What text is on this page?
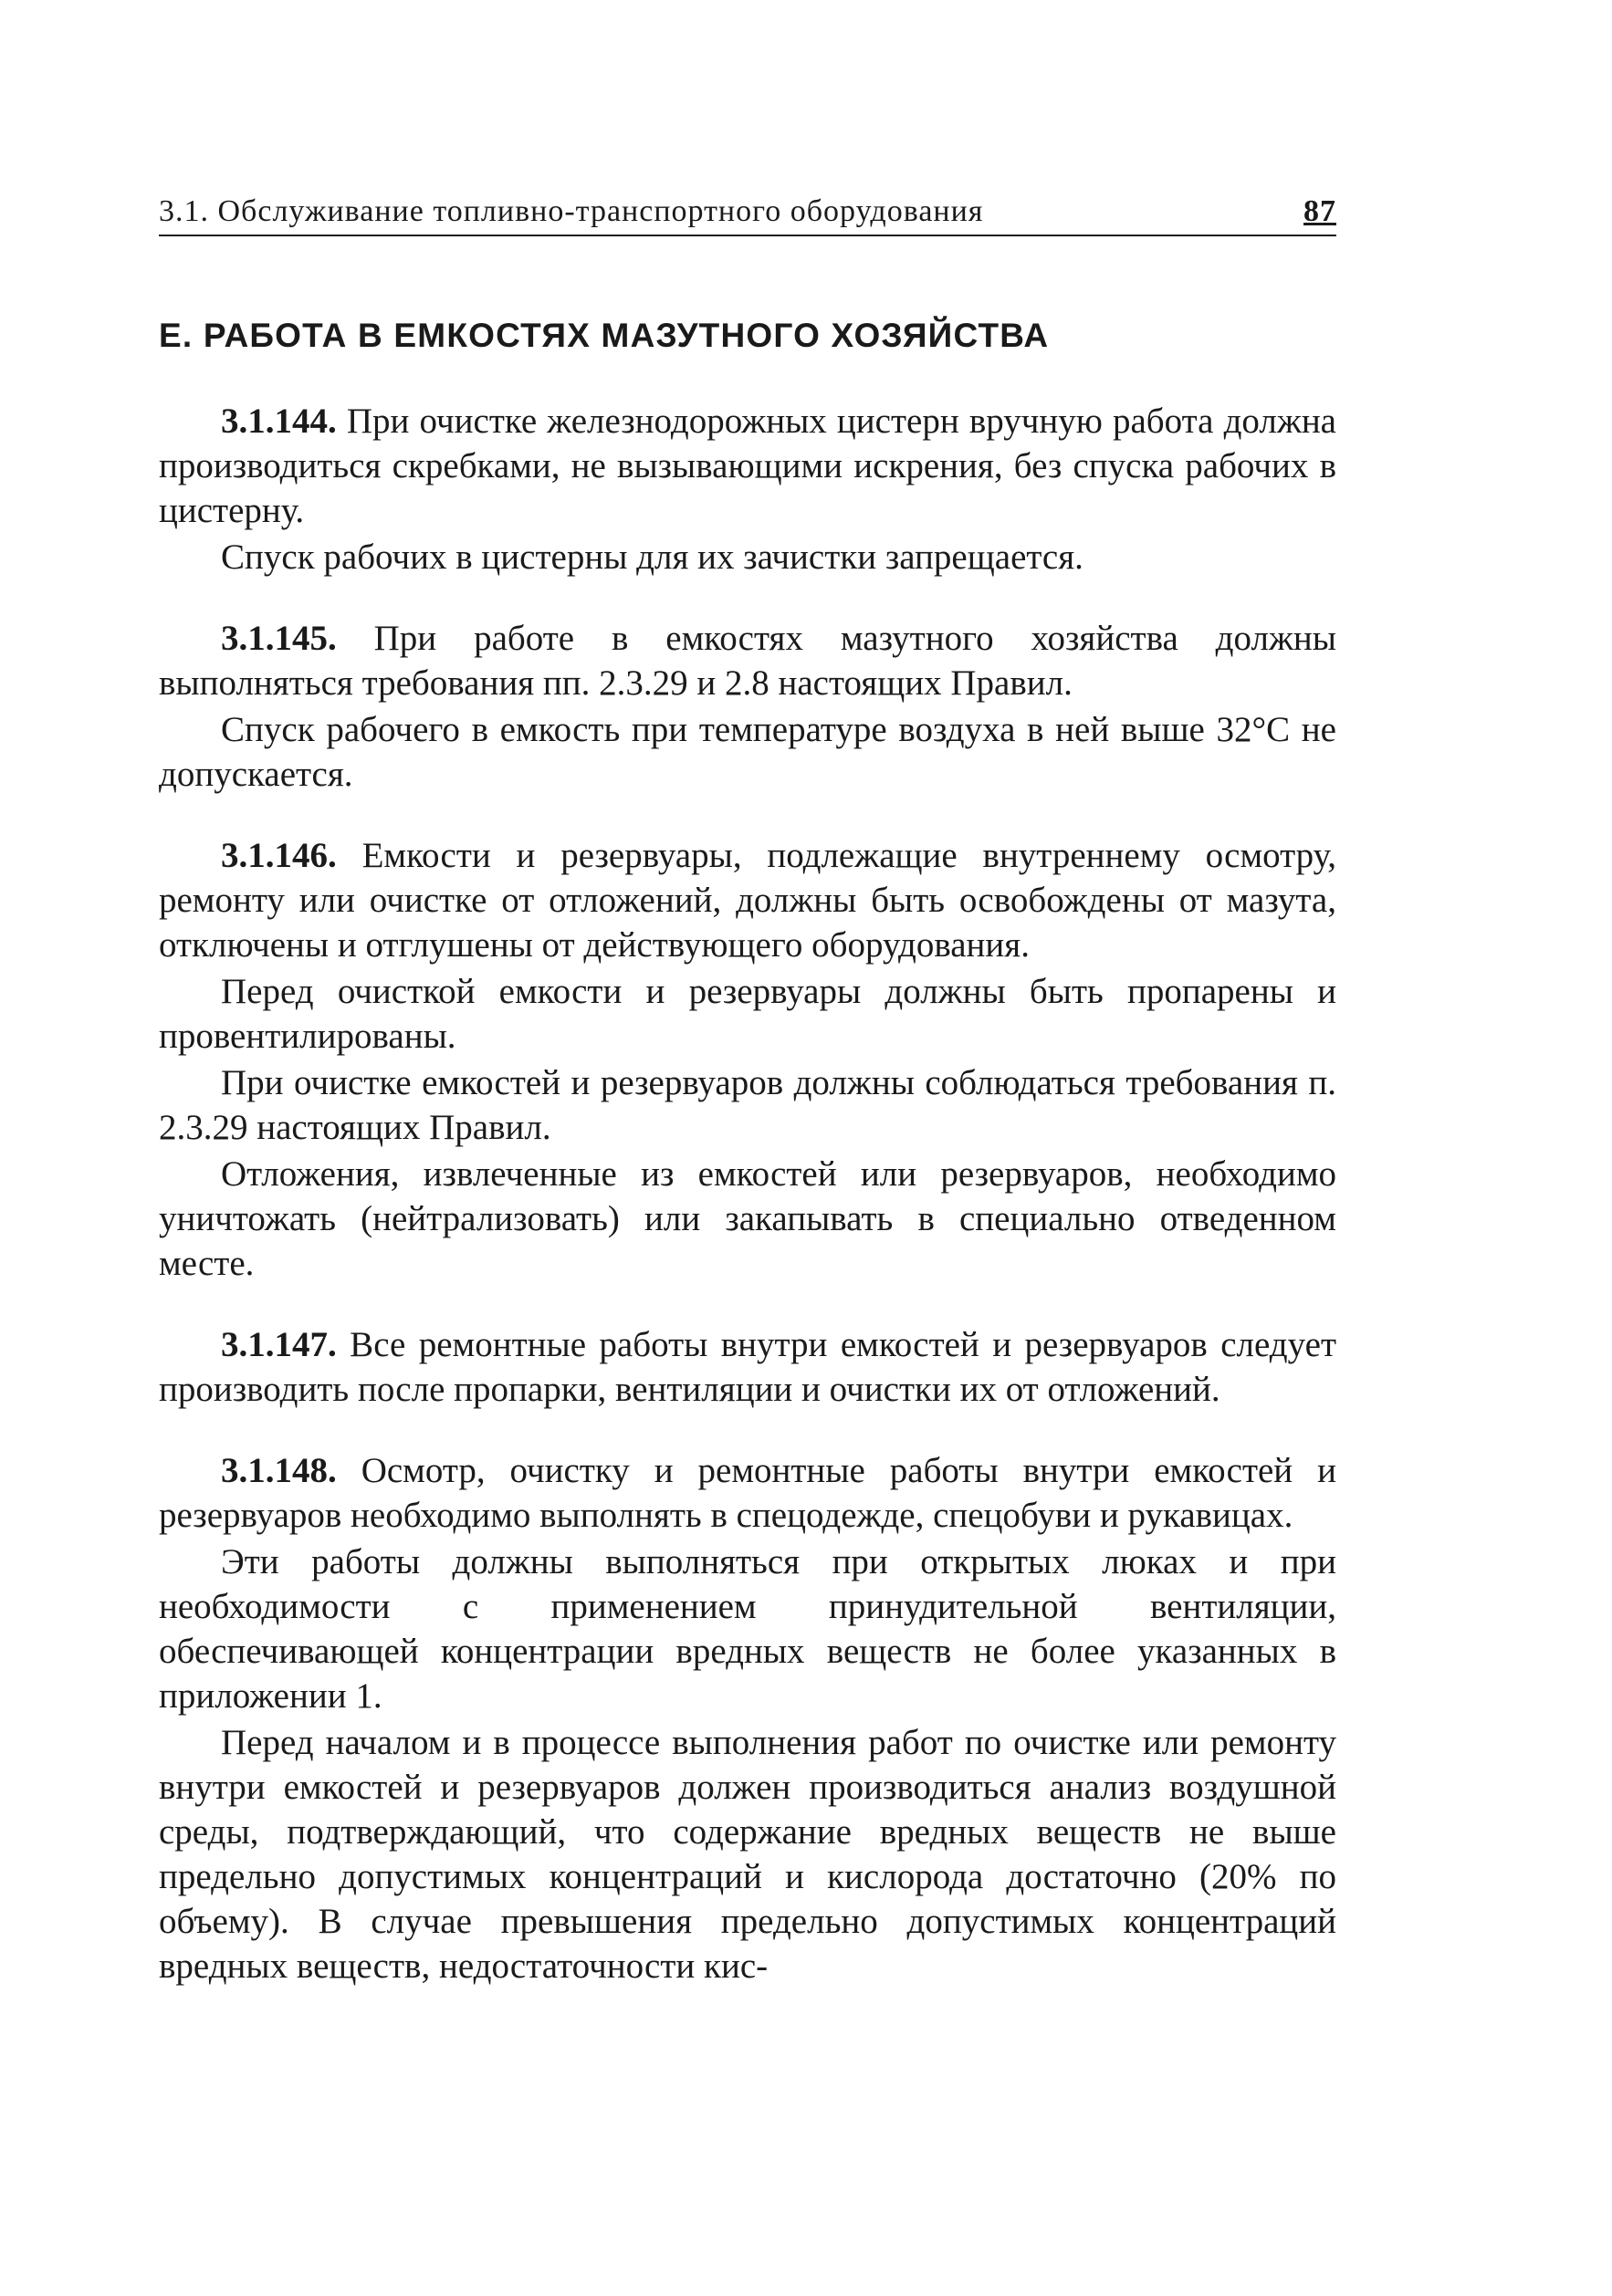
3.1. Обслуживание топливно-транспортного оборудования	87
Е. РАБОТА В ЕМКОСТЯХ МАЗУТНОГО ХОЗЯЙСТВА

3.1.144. При очистке железнодорожных цистерн вручную работа должна производиться скребками, не вызывающими искрения, без спуска рабочих в цистерну.

Спуск рабочих в цистерны для их зачистки запрещается.

3.1.145. При работе в емкостях мазутного хозяйства должны выполняться требования пп. 2.3.29 и 2.8 настоящих Правил.

Спуск рабочего в емкость при температуре воздуха в ней выше 32°С не допускается.

3.1.146. Емкости и резервуары, подлежащие внутреннему осмотру, ремонту или очистке от отложений, должны быть освобождены от мазута, отключены и отглушены от действующего оборудования.

Перед очисткой емкости и резервуары должны быть пропарены и провентилированы.

При очистке емкостей и резервуаров должны соблюдаться требования п. 2.3.29 настоящих Правил.

Отложения, извлеченные из емкостей или резервуаров, необходимо уничтожать (нейтрализовать) или закапывать в специально отведенном месте.

3.1.147. Все ремонтные работы внутри емкостей и резервуаров следует производить после пропарки, вентиляции и очистки их от отложений.

3.1.148. Осмотр, очистку и ремонтные работы внутри емкостей и резервуаров необходимо выполнять в спецодежде, спецобуви и рукавицах.

Эти работы должны выполняться при открытых люках и при необходимости с применением принудительной вентиляции, обеспечивающей концентрации вредных веществ не более указанных в приложении 1.

Перед началом и в процессе выполнения работ по очистке или ремонту внутри емкостей и резервуаров должен производиться анализ воздушной среды, подтверждающий, что содержание вредных веществ не выше предельно допустимых концентраций и кислорода достаточно (20% по объему). В случае превышения предельно допустимых концентраций вредных веществ, недостаточности кис-
